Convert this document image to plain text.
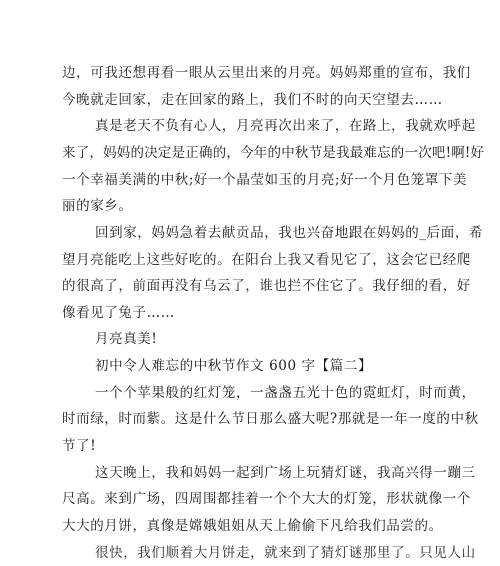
边，可我还想再看一眼从云里出来的月亮。妈妈郑重的宣布，我们
今晚就走回家，走在回家的路上，我们不时的向天空望去……
真是老天不负有心人，月亮再次出来了，在路上，我就欢呼起
来了，妈妈的决定是正确的，今年的中秋节是我最难忘的一次吧!啊!好
一个幸福美满的中秋;好一个晶莹如玉的月亮;好一个月色笼罩下美
丽的家乡。
回到家，妈妈急着去献贡品，我也兴奋地跟在妈妈的_后面，希
望月亮能吃上这些好吃的。在阳台上我又看见它了，这会它已经爬
的很高了，前面再没有乌云了，谁也拦不住它了。我仔细的看，好
像看见了兔子……
月亮真美!
初中令人难忘的中秋节作文 600 字【篇二】
一个个苹果般的红灯笼，一盏盏五光十色的霓虹灯，时而黄，
时而绿，时而紫。这是什么节日那么盛大呢?那就是一年一度的中秋
节了!
这天晚上，我和妈妈一起到广场上玩猜灯谜，我高兴得一蹦三
尺高。来到广场，四周围都挂着一个个大大的灯笼，形状就像一个
大大的月饼，真像是嫦娥姐姐从天上偷偷下凡给我们品尝的。
很快，我们顺着大月饼走，就来到了猜灯谜那里了。只见人山
